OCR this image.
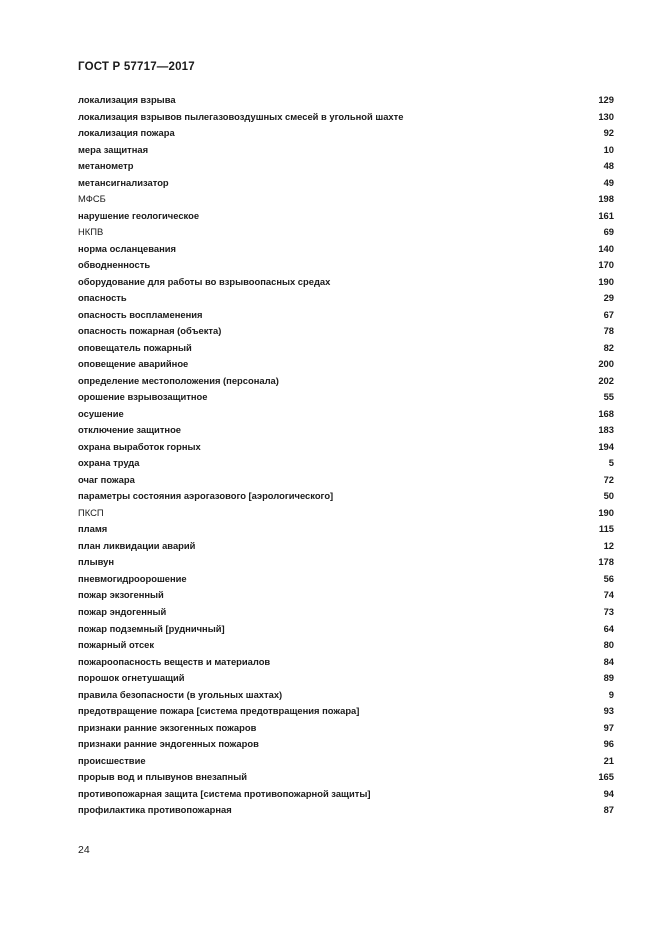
ГОСТ Р 57717—2017
локализация взрыва	129
локализация взрывов пылегазовоздушных смесей в угольной шахте	130
локализация пожара	92
мера защитная	10
метанометр	48
метансигнализатор	49
МФСБ	198
нарушение геологическое	161
НКПВ	69
норма осланцевания	140
обводненность	170
оборудование для работы во взрывоопасных средах	190
опасность	29
опасность воспламенения	67
опасность пожарная (объекта)	78
оповещатель пожарный	82
оповещение аварийное	200
определение местоположения (персонала)	202
орошение взрывозащитное	55
осушение	168
отключение защитное	183
охрана выработок горных	194
охрана труда	5
очаг пожара	72
параметры состояния аэрогазового [аэрологического]	50
ПКСП	190
пламя	115
план ликвидации аварий	12
плывун	178
пневмогидроорошение	56
пожар экзогенный	74
пожар эндогенный	73
пожар подземный [рудничный]	64
пожарный отсек	80
пожароопасность веществ и материалов	84
порошок огнетушащий	89
правила безопасности (в угольных шахтах)	9
предотвращение пожара [система предотвращения пожара]	93
признаки ранние экзогенных пожаров	97
признаки ранние эндогенных пожаров	96
происшествие	21
прорыв вод и плывунов внезапный	165
противопожарная защита [система противопожарной защиты]	94
профилактика противопожарная	87
24
